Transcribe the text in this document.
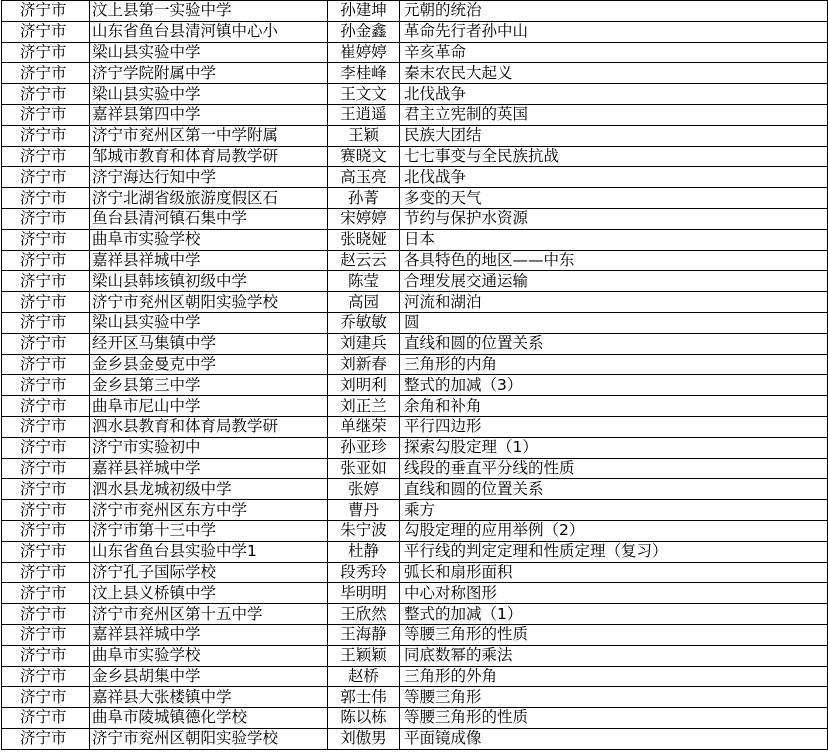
济宁市	汶上县第一实验中学	孙建坤	元朝的统治
济宁市	山东省鱼台县清河镇中心小	孙金鑫	革命先行者孙中山
济宁市	梁山县实验中学	崔婷婷	辛亥革命
济宁市	济宁学院附属中学	李桂峰	秦末农民大起义
济宁市	梁山县实验中学	王文文	北伐战争
济宁市	嘉祥县第四中学	王逍遥	君主立宪制的英国
济宁市	济宁市兖州区第一中学附属	王颖	民族大团结
济宁市	邹城市教育和体育局教学研	赛晓文	七七事变与全民族抗战
济宁市	济宁海达行知中学	高玉亮	北伐战争
济宁市	济宁北湖省级旅游度假区石	孙菁	多变的天气
济宁市	鱼台县清河镇石集中学	宋婷婷	节约与保护水资源
济宁市	曲阜市实验学校	张晓娅	日本
济宁市	嘉祥县祥城中学	赵云云	各具特色的地区——中东
济宁市	梁山县韩垓镇初级中学	陈莹	合理发展交通运输
济宁市	济宁市兖州区朝阳实验学校	高园	河流和湖泊
济宁市	梁山县实验中学	乔敏敏	圆
济宁市	经开区马集镇中学	刘建兵	直线和圆的位置关系
济宁市	金乡县金曼克中学	刘新春	三角形的内角
济宁市	金乡县第三中学	刘明利	整式的加减（3）
济宁市	曲阜市尼山中学	刘正兰	余角和补角
济宁市	泗水县教育和体育局教学研	单继荣	平行四边形
济宁市	济宁市实验初中	孙亚珍	探索勾股定理（1）
济宁市	嘉祥县祥城中学	张亚如	线段的垂直平分线的性质
济宁市	泗水县龙城初级中学	张婷	直线和圆的位置关系
济宁市	济宁市兖州区东方中学	曹丹	乘方
济宁市	济宁市第十三中学	朱宁波	勾股定理的应用举例（2）
济宁市	山东省鱼台县实验中学1	杜静	平行线的判定定理和性质定理（复习）
济宁市	济宁孔子国际学校	段秀玲	弧长和扇形面积
济宁市	汶上县义桥镇中学	毕明明	中心对称图形
济宁市	济宁市兖州区第十五中学	王欣然	整式的加减（1）
济宁市	嘉祥县祥城中学	王海静	等腰三角形的性质
济宁市	曲阜市实验学校	王颖颖	同底数幂的乘法
济宁市	金乡县胡集中学	赵桥	三角形的外角
济宁市	嘉祥县大张楼镇中学	郭士伟	等腰三角形
济宁市	曲阜市陵城镇德化学校	陈以栋	等腰三角形的性质
济宁市	济宁市兖州区朝阳实验学校	刘傲男	平面镜成像
